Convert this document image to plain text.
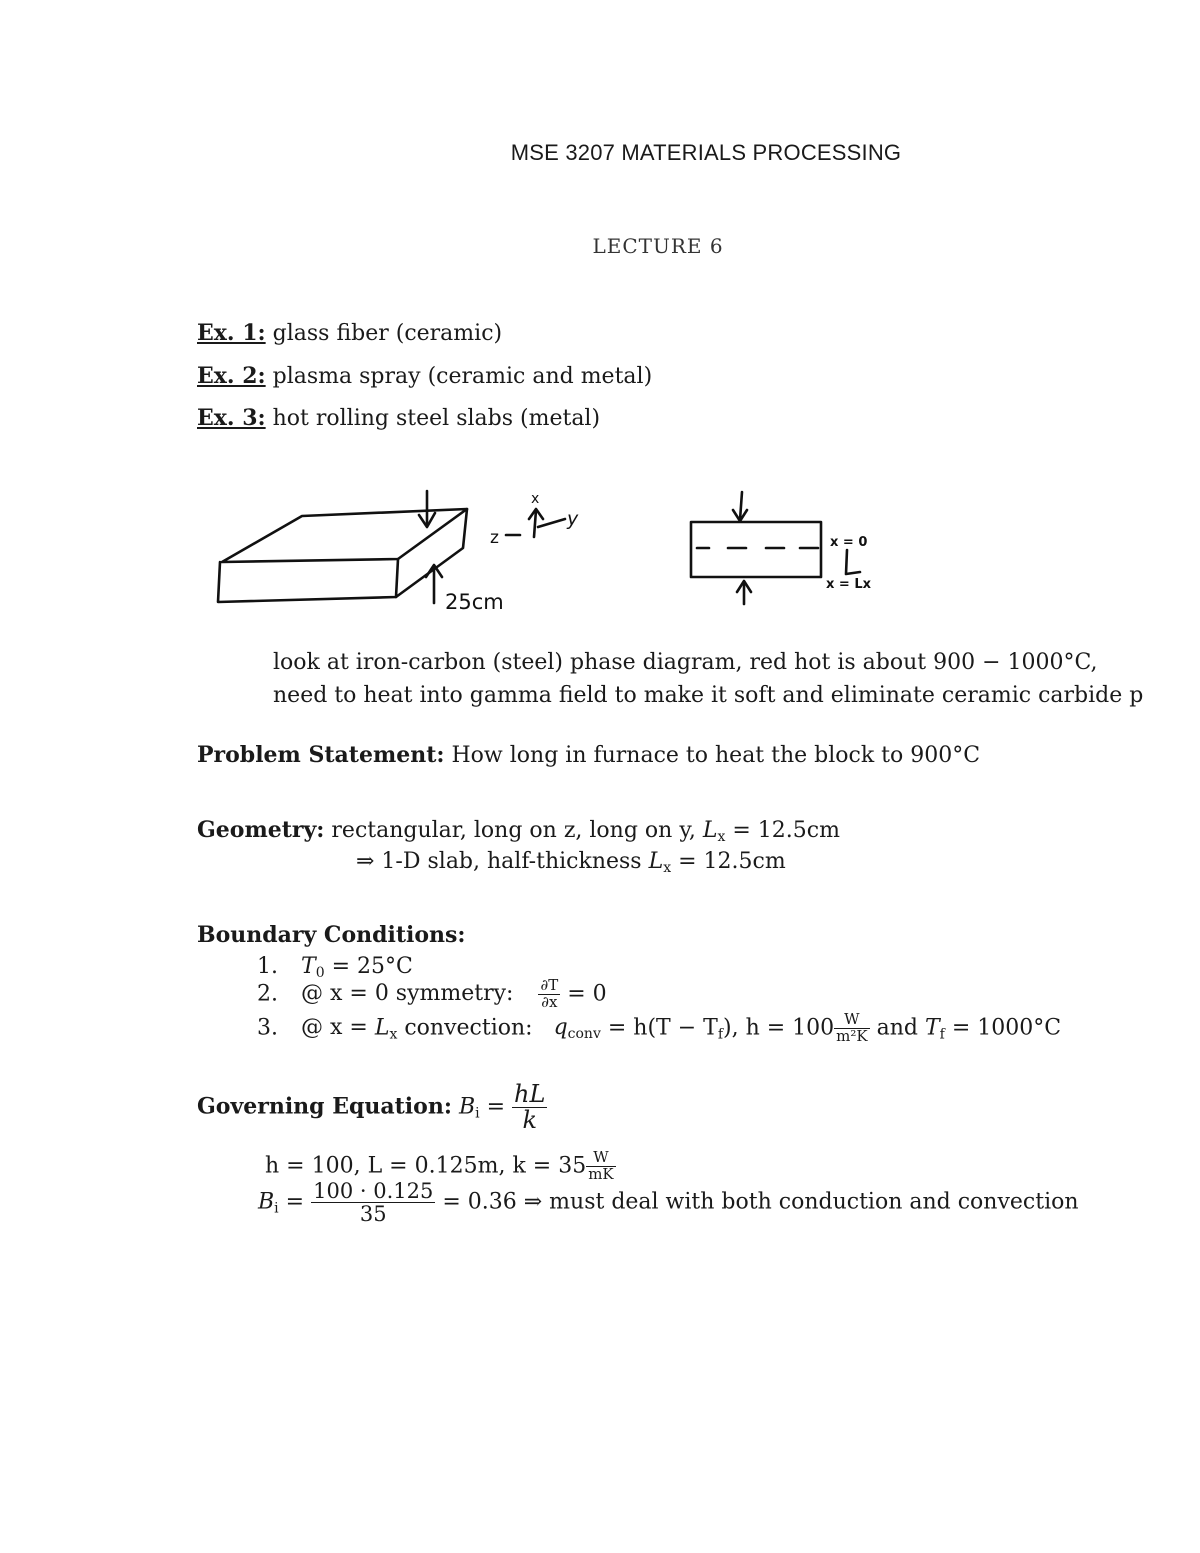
MSE 3207 MATERIALS PROCESSING
LECTURE 6
Ex. 1: glass fiber (ceramic)
Ex. 2: plasma spray (ceramic and metal)
Ex. 3: hot rolling steel slabs (metal)
25cm
z
x
y
x = 0
x = Lx
look at iron-carbon (steel) phase diagram, red hot is about 900 − 1000°C,
need to heat into gamma field to make it soft and eliminate ceramic carbide p
Problem Statement: How long in furnace to heat the block to 900°C
Geometry: rectangular, long on z, long on y, $L_x = 12.5cm$
⇒ 1-D slab, half-thickness $L_x = 12.5cm$
Boundary Conditions:
1. $T_0 = 25^\circ C$
2. @ x = 0 symmetry: $\frac{\partial T}{\partial x} = 0$
3. @ $x = L_x$ convection: $q_{conv} = h(T - T_f)$, $h = 100 \frac{W}{\text{m²K}}$ and $T_f = 1000^\circ C$
Governing Equation: $B_i = \frac{hL}{k}$
h = 100, L = 0.125m, $k = 35 \frac{W}{mK}$
$B_i = \frac{100 \cdot 0.125}{35} = 0.36$ ⇒ must deal with both conduction and convection
